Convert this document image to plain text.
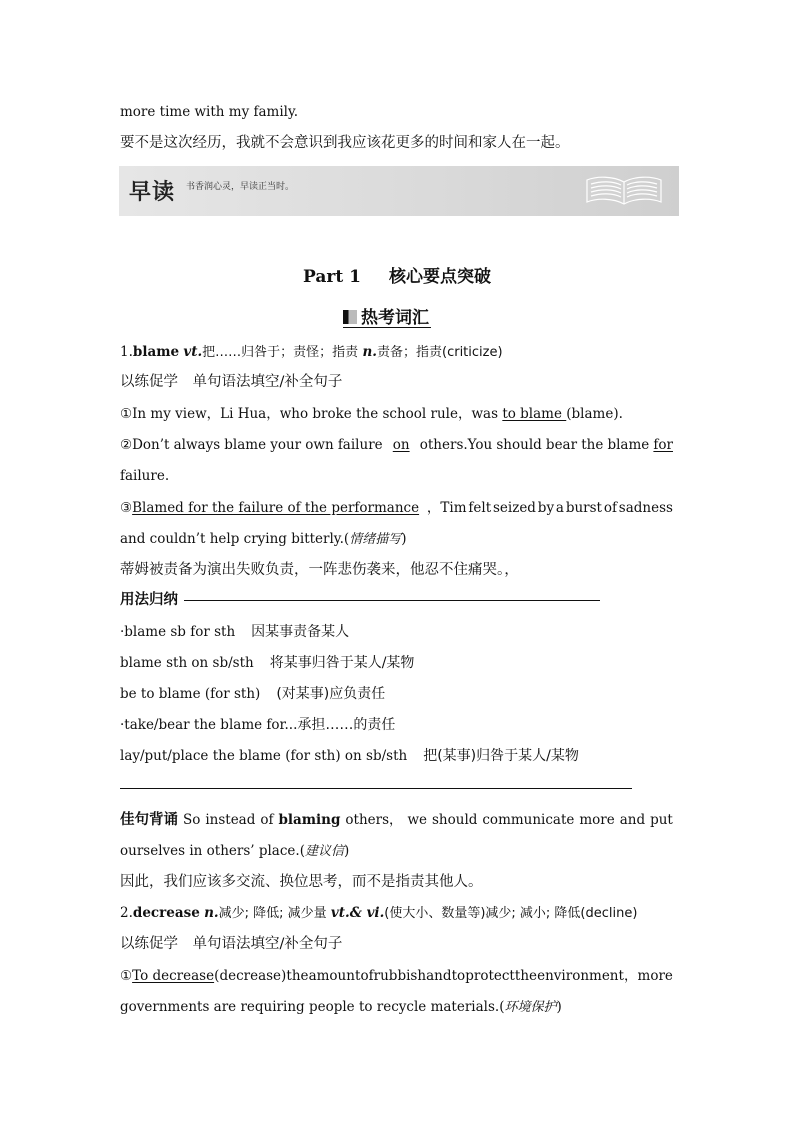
more time with my family.
要不是这次经历，我就不会意识到我应该花更多的时间和家人在一起。
早读 书香润心灵，早读正当时。
Part 1 核心要点突破
热考词汇
1.blame vt.把……归咎于；责怪；指责 n.责备；指责(criticize)
以练促学　单句语法填空/补全句子
①In my view，Li Hua，who broke the school rule，was to blame (blame).
②Don’t always blame your own failure on others.You should bear the blame for
failure.
③Blamed for the failure of the performance ，Tim felt seized by a burst of sadness
and couldn’t help crying bitterly.(情绪描写)
蒂姆被责备为演出失败负责，一阵悲伤袭来，他忍不住痛哭。，
用法归纳
·blame sb for sth 因某事责备某人
blame sth on sb/sth 将某事归咎于某人/某物
be to blame (for sth) (对某事)应负责任
·take/bear the blame for...承担……的责任
lay/put/place the blame (for sth) on sb/sth 把(某事)归咎于某人/某物
佳句背诵 So instead of blaming others， we should communicate more and put
ourselves in others’ place.(建议信)
因此，我们应该多交流、换位思考，而不是指责其他人。
2.decrease n.减少; 降低; 减少量 vt.& vi.(使大小、数量等)减少; 减小; 降低(decline)
以练促学　单句语法填空/补全句子
①To decrease (decrease) the amount of rubbish and to protect the environment ，more
governments are requiring people to recycle materials.(环境保护)
